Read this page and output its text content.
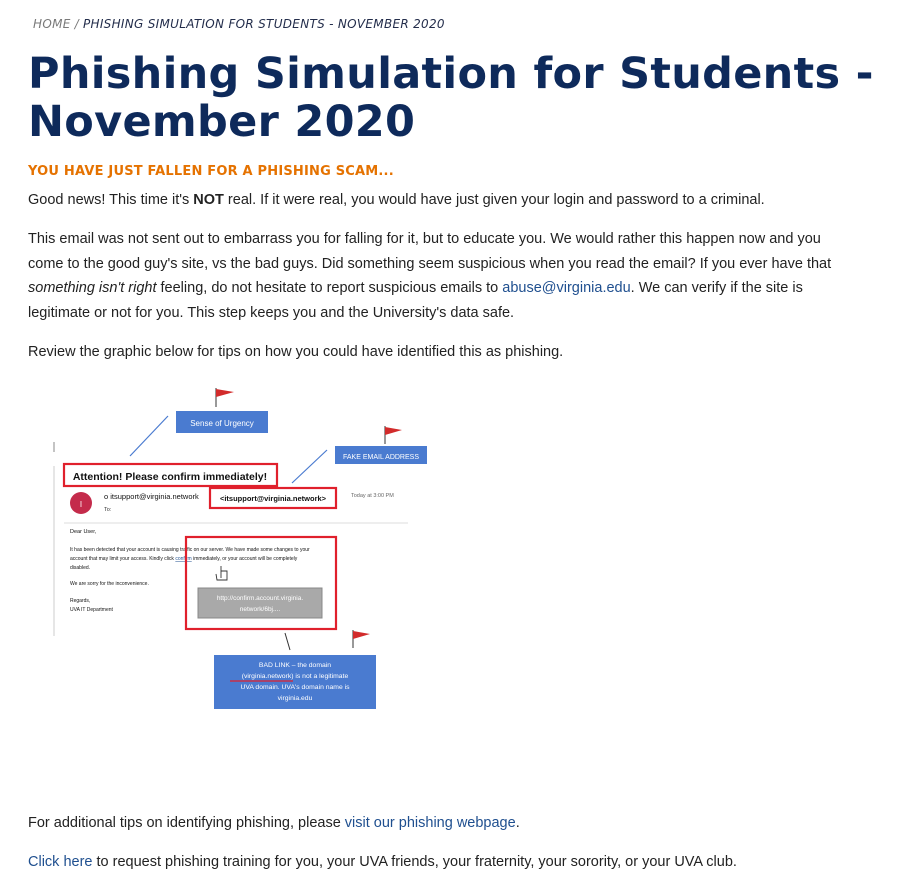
HOME / PHISHING SIMULATION FOR STUDENTS - NOVEMBER 2020
Phishing Simulation for Students - November 2020
YOU HAVE JUST FALLEN FOR A PHISHING SCAM...

Good news! This time it's NOT real. If it were real, you would have just given your login and password to a criminal.

This email was not sent out to embarrass you for falling for it, but to educate you. We would rather this happen now and you come to the good guy's site, vs the bad guys. Did something seem suspicious when you read the email? If you ever have that something isn't right feeling, do not hesitate to report suspicious emails to abuse@virginia.edu. We can verify if the site is legitimate or not for you. This step keeps you and the University's data safe.

Review the graphic below for tips on how you could have identified this as phishing.

Sense of Urgency
FAKE EMAIL ADDRESS
Attention! Please confirm immediately!
I
o itsupport@virginia.network	<itsupport@virginia.network>	Today at 3:00 PM
To:
Dear User,
It has been detected that your account is causing traffic on our server. We have made some changes to your
account that may limit your access. Kindly click confirm immediately, or your account will be completely
disabled.
We are sorry for the inconvenience.
Regards,
UVA IT Department
http://confirm.account.virginia.
network/6bj....
BAD LINK – the domain
(virginia.network) is not a legitimate
UVA domain. UVA's domain name is
virginia.edu

For additional tips on identifying phishing, please visit our phishing webpage.

Click here to request phishing training for you, your UVA friends, your fraternity, your sorority, or your UVA club.
